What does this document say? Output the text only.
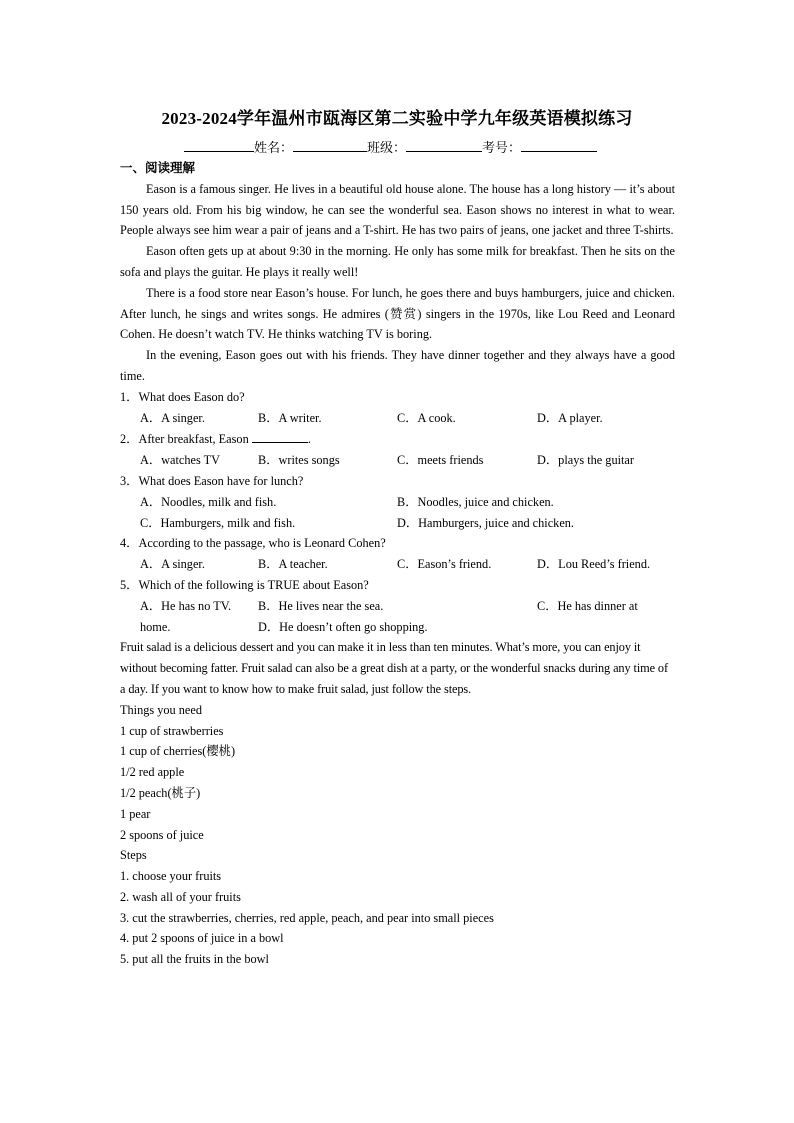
2023-2024学年温州市瓯海区第二实验中学九年级英语模拟练习
姓名：	班级：	考号：
一、阅读理解

Eason is a famous singer. He lives in a beautiful old house alone. The house has a long history — it’s about 150 years old. From his big window, he can see the wonderful sea. Eason shows no interest in what to wear. People always see him wear a pair of jeans and a T-shirt. He has two pairs of jeans, one jacket and three T-shirts.

Eason often gets up at about 9:30 in the morning. He only has some milk for breakfast. Then he sits on the sofa and plays the guitar. He plays it really well!

There is a food store near Eason’s house. For lunch, he goes there and buys hamburgers, juice and chicken. After lunch, he sings and writes songs. He admires (赞赏) singers in the 1970s, like Lou Reed and Leonard Cohen. He doesn’t watch TV. He thinks watching TV is boring.

In the evening, Eason goes out with his friends. They have dinner together and they always have a good time.

1．What does Eason do?
A．A singer.	B．A writer.	C．A cook.	D．A player.
2．After breakfast, Eason	.
A．watches TV	B．writes songs	C．meets friends	D．plays the guitar
3．What does Eason have for lunch?
A．Noodles, milk and fish.	B．Noodles, juice and chicken.
C．Hamburgers, milk and fish.	D．Hamburgers, juice and chicken.
4．According to the passage, who is Leonard Cohen?
A．A singer.	B．A teacher.	C．Eason’s friend.	D．Lou Reed’s friend.
5．Which of the following is TRUE about Eason?
A．He has no TV.	B．He lives near the sea.	C．He has dinner at
home.	D．He doesn’t often go shopping.

Fruit salad is a delicious dessert and you can make it in less than ten minutes. What’s more, you can enjoy it without becoming fatter. Fruit salad can also be a great dish at a party, or the wonderful snacks during any time of a day. If you want to know how to make fruit salad, just follow the steps.

Things you need
1 cup of strawberries
1 cup of cherries(樱桃)
1/2 red apple
1/2 peach(桃子)
1 pear
2 spoons of juice
Steps
1. choose your fruits
2. wash all of your fruits
3. cut the strawberries, cherries, red apple, peach, and pear into small pieces
4. put 2 spoons of juice in a bowl
5. put all the fruits in the bowl
